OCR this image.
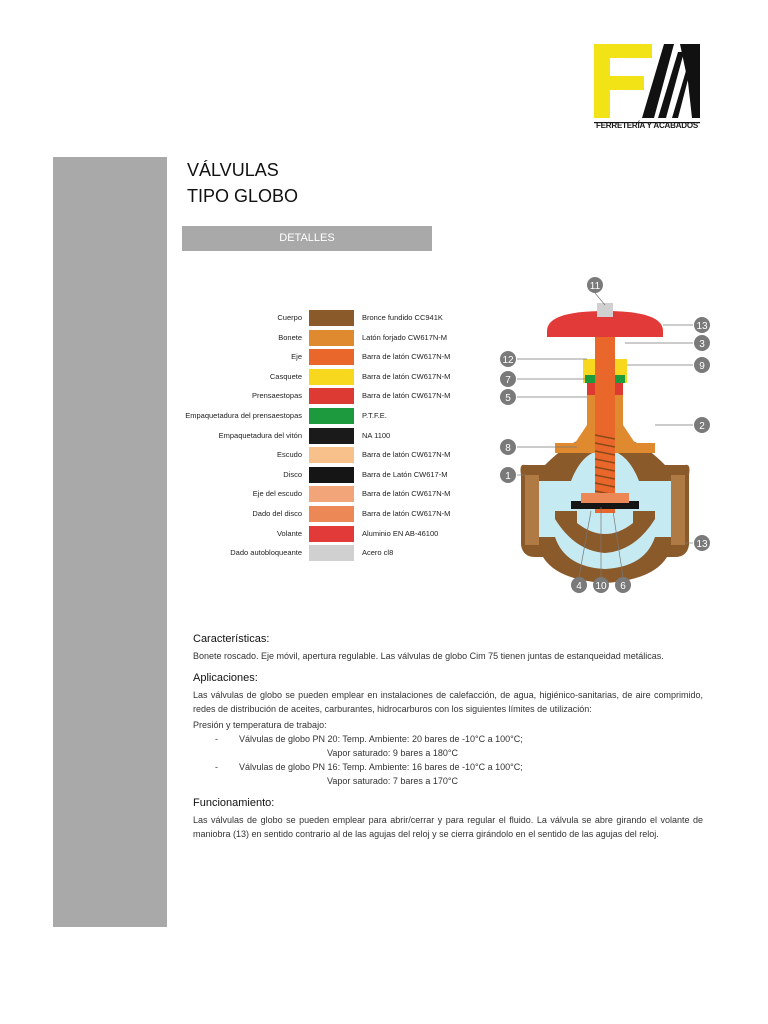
FERRETERÍA Y ACABADOS
VÁLVULAS
TIPO GLOBO
DETALLES
Cuerpo	Bronce fundido CC941K
Bonete	Latón forjado CW617N-M
Eje	Barra de latón CW617N-M
Casquete	Barra de latón CW617N-M
Prensaestopas	Barra de latón CW617N-M
Empaquetadura del prensaestopas	P.T.F.E.
Empaquetadura del vitón	NA 1100
Escudo	Barra de latón CW617N-M
Disco	Barra de Latón CW617-M
Eje del escudo	Barra de latón CW617N-M
Dado del disco	Barra de latón CW617N-M
Volante	Aluminio EN AB-46100
Dado autobloqueante	Acero cl8
11
13
3
12
9
7
5
2
8
1
13
4 10 6
Características:

Bonete roscado. Eje móvil, apertura regulable. Las válvulas de globo Cim 75 tienen juntas de estanqueidad metálicas.

Aplicaciones:

Las válvulas de globo se pueden emplear en instalaciones de calefacción, de agua, higiénico-sanitarias, de aire comprimido, redes de distribución de aceites, carburantes, hidrocarburos con los siguientes límites de utilización:

Presión y temperatura de trabajo:

- Válvulas de globo PN 20: Temp. Ambiente: 20 bares de -10°C a 100°C;
Vapor saturado: 9 bares a 180°C
- Válvulas de globo PN 16: Temp. Ambiente: 16 bares de -10°C a 100°C;
Vapor saturado: 7 bares a 170°C
Funcionamiento:

Las válvulas de globo se pueden emplear para abrir/cerrar y para regular el fluido. La válvula se abre girando el volante de maniobra (13) en sentido contrario al de las agujas del reloj y se cierra girándolo en el sentido de las agujas del reloj.
